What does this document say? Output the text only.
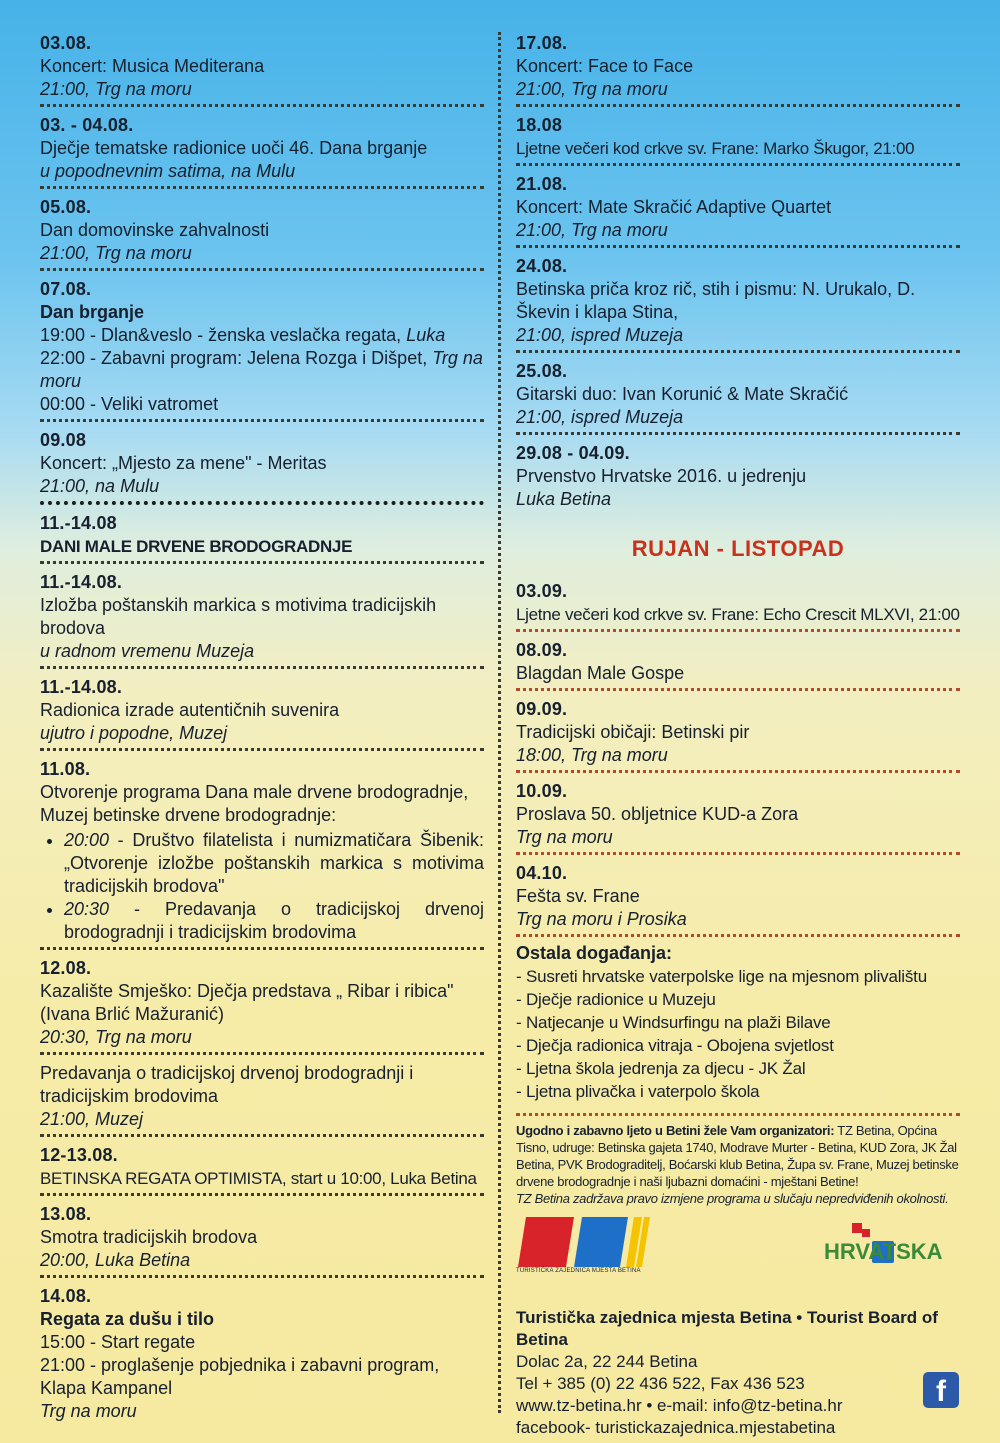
03.08.
Koncert: Musica Mediterana
21:00, Trg na moru
03. - 04.08.
Dječje tematske radionice uoči 46. Dana brganje
u popodnevnim satima, na Mulu
05.08.
Dan domovinske zahvalnosti
21:00, Trg na moru
07.08.
Dan brganje
19:00 - Dlan&veslo - ženska veslačka regata, Luka
22:00 - Zabavni program: Jelena Rozga i Dišpet, Trg na moru
00:00 - Veliki vatromet
09.08
Koncert: „Mjesto za mene" - Meritas
21:00, na Mulu
11.-14.08
DANI MALE DRVENE BRODOGRADNJE
11.-14.08.
Izložba poštanskih markica s motivima tradicijskih brodova
u radnom vremenu Muzeja
11.-14.08.
Radionica izrade autentičnih suvenira
ujutro i popodne, Muzej
11.08.
Otvorenje programa Dana male drvene brodogradnje,
Muzej betinske drvene brodogradnje:
• 20:00 - Društvo filatelista i numizmatičara Šibenik: „Otvorenje izložbe poštanskih markica s motivima tradicijskih brodova"
• 20:30 - Predavanja o tradicijskoj drvenoj brodogradnji i tradicijskim brodovima
12.08.
Kazalište Smješko: Dječja predstava „ Ribar i ribica" (Ivana Brlić Mažuranić)
20:30, Trg na moru
Predavanja o tradicijskoj drvenoj brodogradnji i tradicijskim brodovima
21:00, Muzej
12-13.08.
BETINSKA REGATA OPTIMISTA, start u 10:00, Luka Betina
13.08.
Smotra tradicijskih brodova
20:00, Luka Betina
14.08.
Regata za dušu i tilo
15:00 - Start regate
21:00 - proglašenje pobjednika i zabavni program, Klapa Kampanel
Trg na moru
17.08.
Koncert: Face to Face
21:00, Trg na moru
18.08
Ljetne večeri kod crkve sv. Frane: Marko Škugor, 21:00
21.08.
Koncert: Mate Skračić Adaptive Quartet
21:00, Trg na moru
24.08.
Betinska priča kroz rič, stih i pismu: N. Urukalo, D. Škevin i klapa Stina,
21:00, ispred Muzeja
25.08.
Gitarski duo: Ivan Korunić & Mate Skračić
21:00, ispred Muzeja
29.08 - 04.09.
Prvenstvo Hrvatske 2016. u jedrenju
Luka Betina
RUJAN - LISTOPAD
03.09.
Ljetne večeri kod crkve sv. Frane: Echo Crescit MLXVI, 21:00
08.09.
Blagdan Male Gospe
09.09.
Tradicijski običaji: Betinski pir
18:00, Trg na moru
10.09.
Proslava 50. obljetnice KUD-a Zora
Trg na moru
04.10.
Fešta sv. Frane
Trg na moru i Prosika
Ostala događanja:
- Susreti hrvatske vaterpolske lige na mjesnom plivalištu
- Dječje radionice u Muzeju
- Natjecanje u Windsurfingu na plaži Bilave
- Dječja radionica vitraja - Obojena svjetlost
- Ljetna škola jedrenja za djecu - JK Žal
- Ljetna plivačka i vaterpolo škola
Ugodno i zabavno ljeto u Betini žele Vam organizatori: TZ Betina, Općina Tisno, udruge: Betinska gajeta 1740, Modrave Murter - Betina, KUD Zora, JK Žal Betina, PVK Brodograditelj, Boćarski klub Betina, Župa sv. Frane, Muzej betinske drvene brodogradnje i naši ljubazni domaćini - mještani Betine!
TZ Betina zadržava pravo izmjene programa u slučaju nepredviđenih okolnosti.
TURISTIČKA ZAJEDNICA MJESTA BETINA
HRVATSKA
Turistička zajednica mjesta Betina • Tourist Board of Betina
Dolac 2a, 22 244 Betina
Tel + 385 (0) 22 436 522, Fax 436 523
www.tz-betina.hr • e-mail: info@tz-betina.hr
facebook- turistickazajednica.mjestabetina
f
